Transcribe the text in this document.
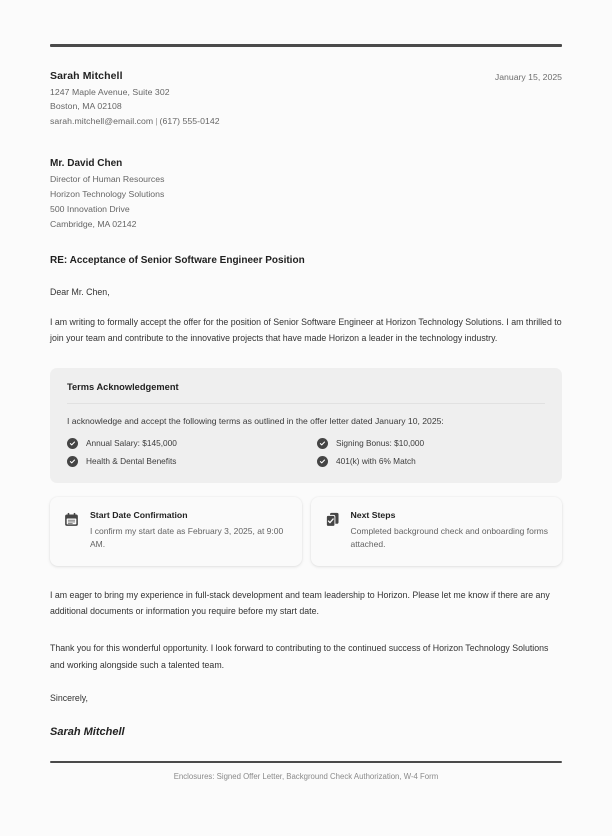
Sarah Mitchell
1247 Maple Avenue, Suite 302
Boston, MA 02108
sarah.mitchell@email.com | (617) 555-0142
January 15, 2025
Mr. David Chen
Director of Human Resources
Horizon Technology Solutions
500 Innovation Drive
Cambridge, MA 02142
RE: Acceptance of Senior Software Engineer Position
Dear Mr. Chen,
I am writing to formally accept the offer for the position of Senior Software Engineer at Horizon Technology Solutions. I am thrilled to join your team and contribute to the innovative projects that have made Horizon a leader in the technology industry.
Terms Acknowledgement
I acknowledge and accept the following terms as outlined in the offer letter dated January 10, 2025:
Annual Salary: $145,000	Signing Bonus: $10,000
Health & Dental Benefits	401(k) with 6% Match
Start Date Confirmation
I confirm my start date as February 3, 2025, at 9:00 AM.
Next Steps
Completed background check and onboarding forms attached.
I am eager to bring my experience in full-stack development and team leadership to Horizon. Please let me know if there are any additional documents or information you require before my start date.
Thank you for this wonderful opportunity. I look forward to contributing to the continued success of Horizon Technology Solutions and working alongside such a talented team.
Sincerely,
Sarah Mitchell
Enclosures: Signed Offer Letter, Background Check Authorization, W-4 Form
